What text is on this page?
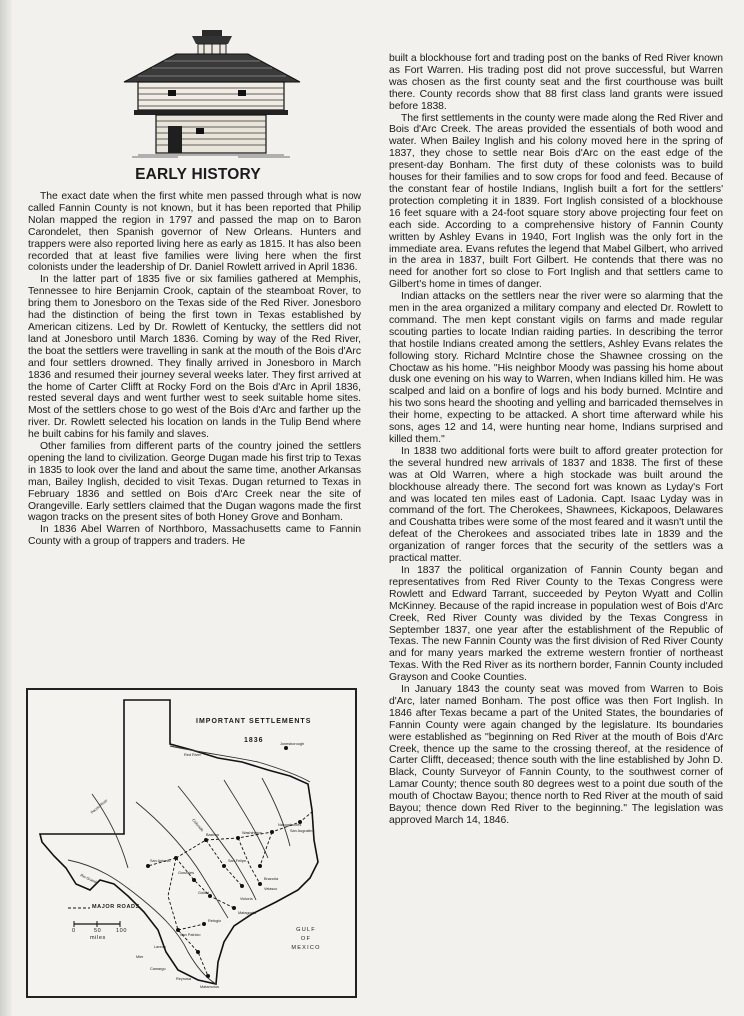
EARLY HISTORY

The exact date when the first white men passed through what is now called Fannin County is not known, but it has been reported that Philip Nolan mapped the region in 1797 and passed the map on to Baron Carondelet, then Spanish governor of New Orleans. Hunters and trappers were also reported living here as early as 1815. It has also been recorded that at least five families were living here when the first colonists under the leadership of Dr. Daniel Rowlett arrived in April 1836.

In the latter part of 1835 five or six families gathered at Memphis, Tennessee to hire Benjamin Crook, captain of the steamboat Rover, to bring them to Jonesboro on the Texas side of the Red River. Jonesboro had the distinction of being the first town in Texas established by American citizens. Led by Dr. Rowlett of Kentucky, the settlers did not land at Jonesboro until March 1836. Coming by way of the Red River, the boat the settlers were travelling in sank at the mouth of the Bois d'Arc and four settlers drowned. They finally arrived in Jonesboro in March 1836 and resumed their journey several weeks later. They first arrived at the home of Carter Clifft at Rocky Ford on the Bois d'Arc in April 1836, rested several days and went further west to seek suitable home sites. Most of the settlers chose to go west of the Bois d'Arc and farther up the river. Dr. Rowlett selected his location on lands in the Tulip Bend where he built cabins for his family and slaves.

Other families from different parts of the country joined the settlers opening the land to civilization. George Dugan made his first trip to Texas in 1835 to look over the land and about the same time, another Arkansas man, Bailey Inglish, decided to visit Texas. Dugan returned to Texas in February 1836 and settled on Bois d'Arc Creek near the site of Orangeville. Early settlers claimed that the Dugan wagons made the first wagon tracks on the present sites of both Honey Grove and Bonham.

In 1836 Abel Warren of Northboro, Massachusetts came to Fannin County with a group of trappers and traders. He

built a blockhouse fort and trading post on the banks of Red River known as Fort Warren. His trading post did not prove successful, but Warren was chosen as the first county seat and the first courthouse was built there. County records show that 88 first class land grants were issued before 1838.

The first settlements in the county were made along the Red River and Bois d'Arc Creek. The areas provided the essentials of both wood and water. When Bailey Inglish and his colony moved here in the spring of 1837, they chose to settle near Bois d'Arc on the east edge of the present-day Bonham. The first duty of these colonists was to build houses for their families and to sow crops for food and feed. Because of the constant fear of hostile Indians, Inglish built a fort for the settlers' protection completing it in 1839. Fort Inglish consisted of a blockhouse 16 feet square with a 24-foot square story above projecting four feet on each side. According to a comprehensive history of Fannin County written by Ashley Evans in 1940, Fort Inglish was the only fort in the immediate area. Evans refutes the legend that Mabel Gilbert, who arrived in the area in 1837, built Fort Gilbert. He contends that there was no need for another fort so close to Fort Inglish and that settlers came to Gilbert's home in times of danger.

Indian attacks on the settlers near the river were so alarming that the men in the area organized a military company and elected Dr. Rowlett to command. The men kept constant vigils on farms and made regular scouting parties to locate Indian raiding parties. In describing the terror that hostile Indians created among the settlers, Ashley Evans relates the following story. Richard McIntire chose the Shawnee crossing on the Choctaw as his home. ''His neighbor Moody was passing his home about dusk one evening on his way to Warren, when Indians killed him. He was scalped and laid on a bonfire of logs and his body burned. McIntire and his two sons heard the shooting and yelling and barricaded themselves in their home, expecting to be attacked. A short time afterward while his sons, ages 12 and 14, were hunting near home, Indians surprised and killed them.''

In 1838 two additional forts were built to afford greater protection for the several hundred new arrivals of 1837 and 1838. The first of these was at Old Warren, where a high stockade was built around the blockhouse already there. The second fort was known as Lyday's Fort and was located ten miles east of Ladonia. Capt. Isaac Lyday was in command of the fort. The Cherokees, Shawnees, Kickapoos, Delawares and Coushatta tribes were some of the most feared and it wasn't until the defeat of the Cherokees and associated tribes late in 1839 and the organization of ranger forces that the security of the settlers was a practical matter.

In 1837 the political organization of Fannin County began and representatives from Red River County to the Texas Congress were Rowlett and Edward Tarrant, succeeded by Peyton Wyatt and Collin McKinney. Because of the rapid increase in population west of Bois d'Arc Creek, Red River County was divided by the Texas Congress in September 1837, one year after the establishment of the Republic of Texas. The new Fannin County was the first division of Red River County and for many years marked the extreme western frontier of northeast Texas. With the Red River as its northern border, Fannin County included Grayson and Cooke Counties.

In January 1843 the county seat was moved from Warren to Bois d'Arc, later named Bonham. The post office was then Fort Inglish. In 1846 after Texas became a part of the United States, the boundaries of Fannin County were again changed by the legislature. Its boundaries were established as ''beginning on Red River at the mouth of Bois d'Arc Creek, thence up the same to the crossing thereof, at the residence of Carter Clifft, deceased; thence south with the line established by John D. Black, County Surveyor of Fannin County, to the southwest corner of Lamar County; thence south 80 degrees west to a point due south of the mouth of Choctaw Bayou; thence north to Red River at the mouth of said Bayou; thence down Red River to the beginning.'' The legislation was approved March 14, 1846.

Red River
Jonesborough
Nacogdoches
San Augustine
Bastrop	Washington
Gonzales
San Antonio	San Felipe
Goliad
Victoria
Matagorda
San Patricio
Laredo
Refugio
Brazoria
Velasco
Mier
Reynosa
Camargo
Matamoros
Rio Grande
Pecos River
Colorado
IMPORTANT SETTLEMENTS
1836
MAJOR ROADS
0	50	100
miles
GULF
OF
MEXICO
